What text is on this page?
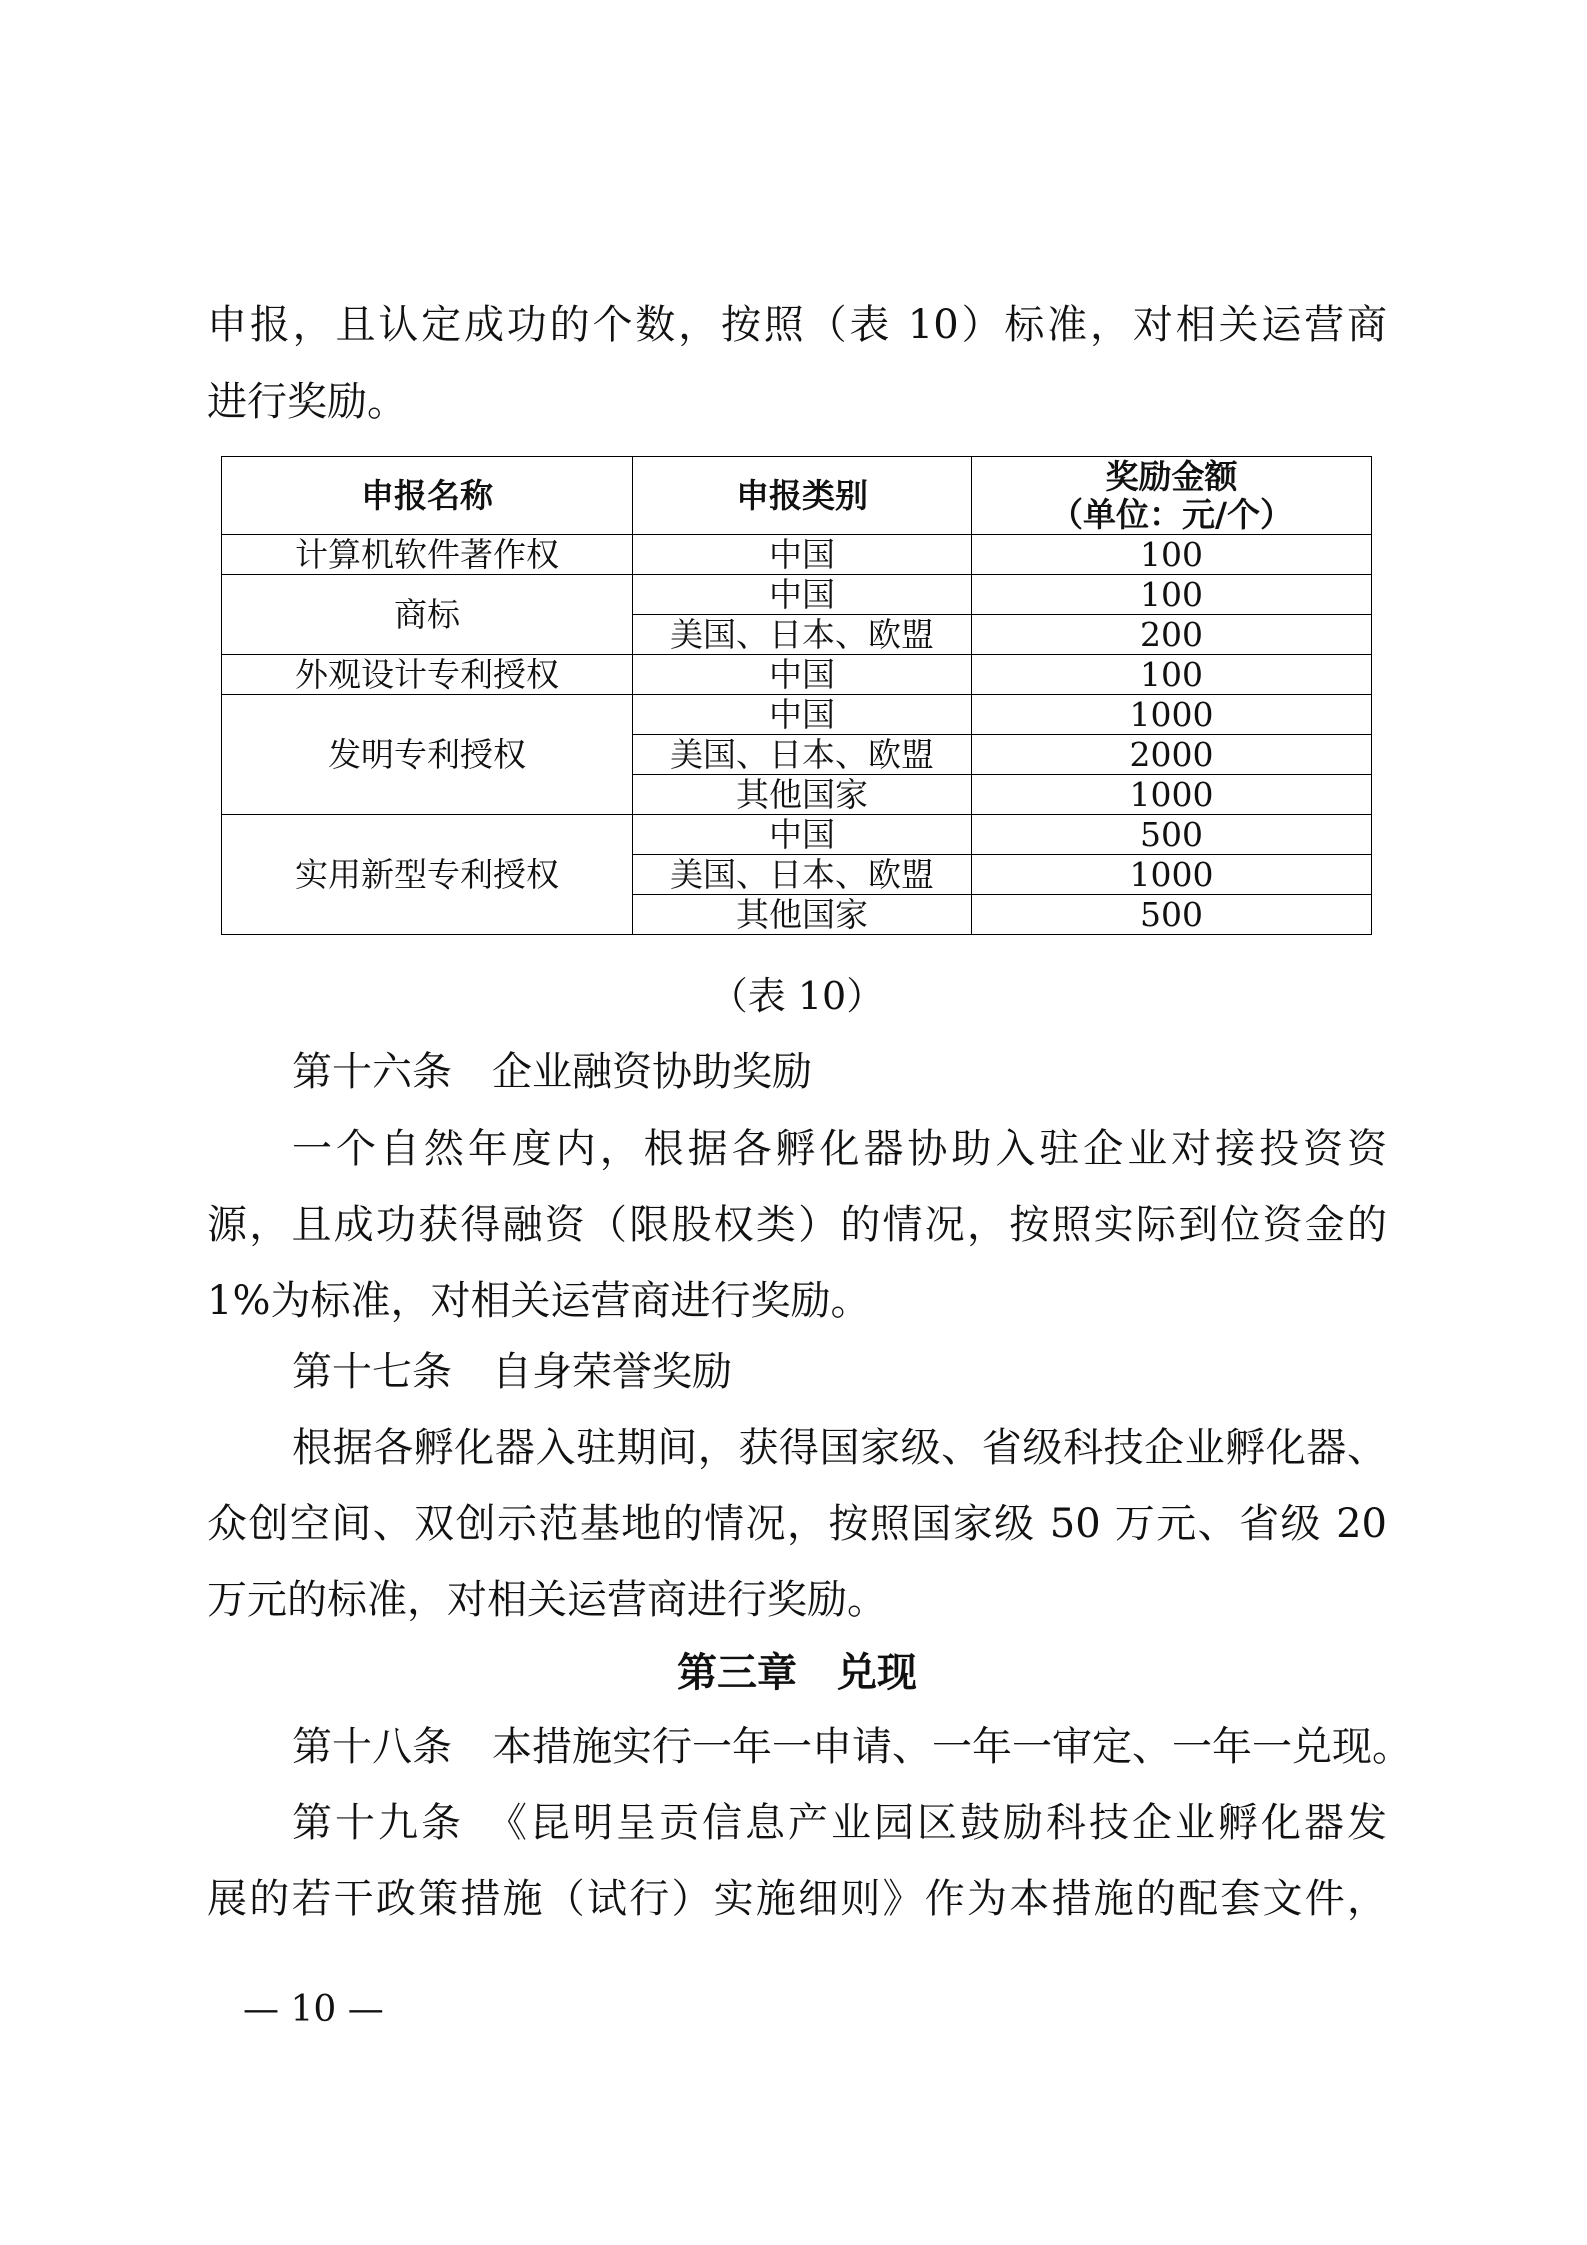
申报，且认定成功的个数，按照（表 10）标准，对相关运营商
进行奖励。
申报名称	申报类别	奖励金额
（单位：元/个）

计算机软件著作权	中国	100
商标	中国	100
	美国、日本、欧盟	200
外观设计专利授权	中国	100
发明专利授权	中国	1000
	美国、日本、欧盟	2000
	其他国家	1000
实用新型专利授权	中国	500
	美国、日本、欧盟	1000
	其他国家	500
（表 10）
第十六条　企业融资协助奖励
一个自然年度内，根据各孵化器协助入驻企业对接投资资
源，且成功获得融资（限股权类）的情况，按照实际到位资金的
1%为标准，对相关运营商进行奖励。
第十七条　自身荣誉奖励
根据各孵化器入驻期间，获得国家级、省级科技企业孵化器、
众创空间、双创示范基地的情况，按照国家级 50 万元、省级 20
万元的标准，对相关运营商进行奖励。
第三章　兑现
第十八条　本措施实行一年一申请、一年一审定、一年一兑现。
第十九条　《昆明呈贡信息产业园区鼓励科技企业孵化器发
展的若干政策措施（试行）实施细则》作为本措施的配套文件，
— 10 —
